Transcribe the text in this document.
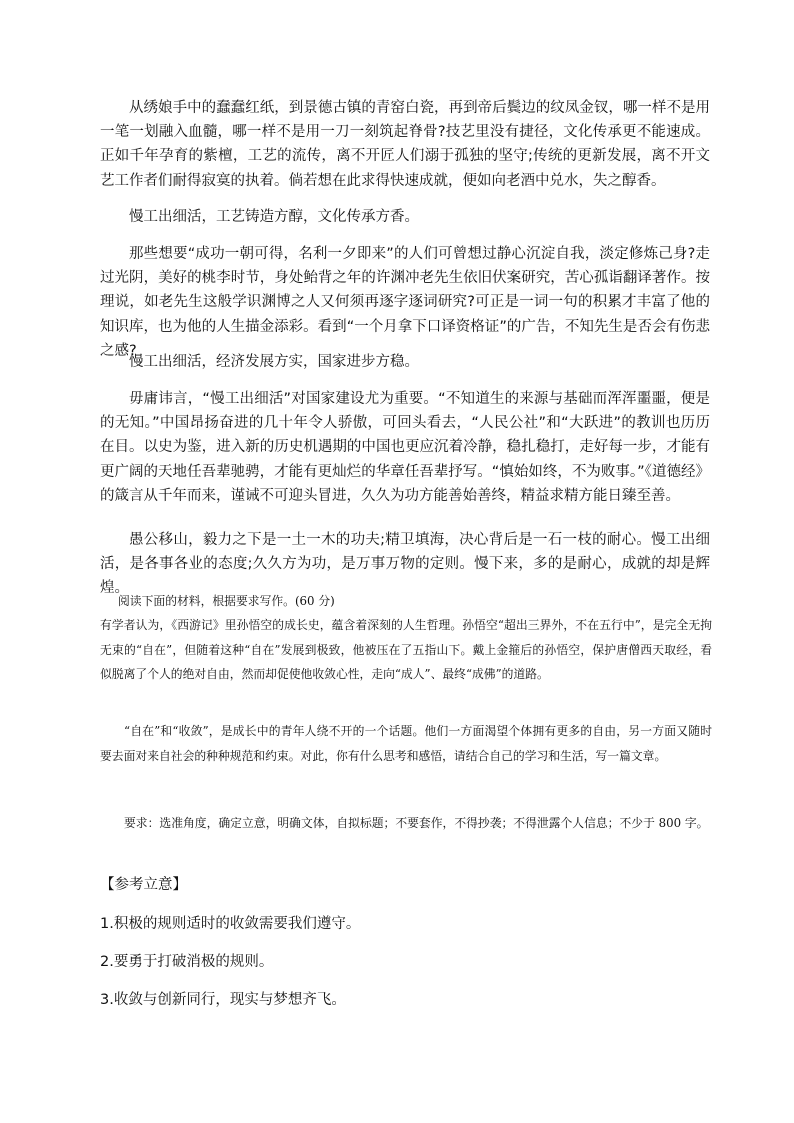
从绣娘手中的蠢蠢红纸，到景德古镇的青窑白瓷，再到帝后鬓边的纹凤金钗，哪一样不是用一笔一划融入血髓，哪一样不是用一刀一刻筑起脊骨?技艺里没有捷径，文化传承更不能速成。正如千年孕育的紫檀，工艺的流传，离不开匠人们溺于孤独的坚守;传统的更新发展，离不开文艺工作者们耐得寂寞的执着。倘若想在此求得快速成就，便如向老酒中兑水，失之醇香。

慢工出细活，工艺铸造方醇，文化传承方香。

那些想要“成功一朝可得，名利一夕即来”的人们可曾想过静心沉淀自我，淡定修炼己身?走过光阴，美好的桃李时节，身处鲐背之年的许渊冲老先生依旧伏案研究，苦心孤诣翻译著作。按理说，如老先生这般学识渊博之人又何须再逐字逐词研究?可正是一词一句的积累才丰富了他的知识库，也为他的人生描金添彩。看到“一个月拿下口译资格证”的广告，不知先生是否会有伤悲之感?

慢工出细活，经济发展方实，国家进步方稳。

毋庸讳言，“慢工出细活”对国家建设尤为重要。“不知道生的来源与基础而浑浑噩噩，便是的无知。”中国昂扬奋进的几十年令人骄傲，可回头看去，“人民公社”和“大跃进”的教训也历历在目。以史为鉴，进入新的历史机遇期的中国也更应沉着冷静，稳扎稳打，走好每一步，才能有更广阔的天地任吾辈驰骋，才能有更灿烂的华章任吾辈抒写。“慎始如终，不为败事。”《道德经》的箴言从千年而来，谨诫不可迎头冒进，久久为功方能善始善终，精益求精方能日臻至善。

愚公移山，毅力之下是一土一木的功夫;精卫填海，决心背后是一石一枝的耐心。慢工出细活，是各事各业的态度;久久方为功，是万事万物的定则。慢下来，多的是耐心，成就的却是辉煌。

阅读下面的材料，根据要求写作。(60 分)

有学者认为，《西游记》里孙悟空的成长史，蕴含着深刻的人生哲理。孙悟空“超出三界外，不在五行中”，是完全无拘无束的“自在”，但随着这种“自在”发展到极致，他被压在了五指山下。戴上金箍后的孙悟空，保护唐僧西天取经，看似脱离了个人的绝对自由，然而却促使他收敛心性，走向“成人”、最终“成佛”的道路。

“自在”和“收敛”，是成长中的青年人绕不开的一个话题。他们一方面渴望个体拥有更多的自由，另一方面又随时要去面对来自社会的种种规范和约束。对此，你有什么思考和感悟，请结合自己的学习和生活，写一篇文章。

要求：选准角度，确定立意，明确文体，自拟标题；不要套作，不得抄袭；不得泄露个人信息；不少于 800 字。

【参考立意】

1.积极的规则适时的收敛需要我们遵守。

2.要勇于打破消极的规则。

3.收敛与创新同行，现实与梦想齐飞。
